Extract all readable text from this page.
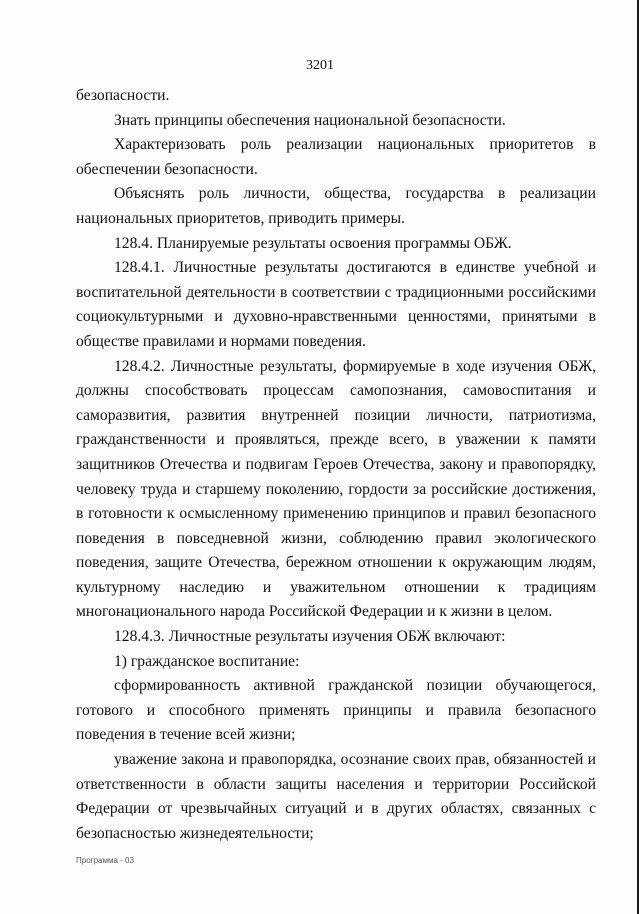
3201

безопасности.

Знать принципы обеспечения национальной безопасности.

Характеризовать роль реализации национальных приоритетов в обеспечении безопасности.

Объяснять роль личности, общества, государства в реализации национальных приоритетов, приводить примеры.

128.4. Планируемые результаты освоения программы ОБЖ.

128.4.1. Личностные результаты достигаются в единстве учебной и воспитательной деятельности в соответствии с традиционными российскими социокультурными и духовно-нравственными ценностями, принятыми в обществе правилами и нормами поведения.

128.4.2. Личностные результаты, формируемые в ходе изучения ОБЖ, должны способствовать процессам самопознания, самовоспитания и саморазвития, развития внутренней позиции личности, патриотизма, гражданственности и проявляться, прежде всего, в уважении к памяти защитников Отечества и подвигам Героев Отечества, закону и правопорядку, человеку труда и старшему поколению, гордости за российские достижения, в готовности к осмысленному применению принципов и правил безопасного поведения в повседневной жизни, соблюдению правил экологического поведения, защите Отечества, бережном отношении к окружающим людям, культурному наследию и уважительном отношении к традициям многонационального народа Российской Федерации и к жизни в целом.

128.4.3. Личностные результаты изучения ОБЖ включают:

1) гражданское воспитание:

сформированность активной гражданской позиции обучающегося, готового и способного применять принципы и правила безопасного поведения в течение всей жизни;

уважение закона и правопорядка, осознание своих прав, обязанностей и ответственности в области защиты населения и территории Российской Федерации от чрезвычайных ситуаций и в других областях, связанных с безопасностью жизнедеятельности;

Программа - 03
